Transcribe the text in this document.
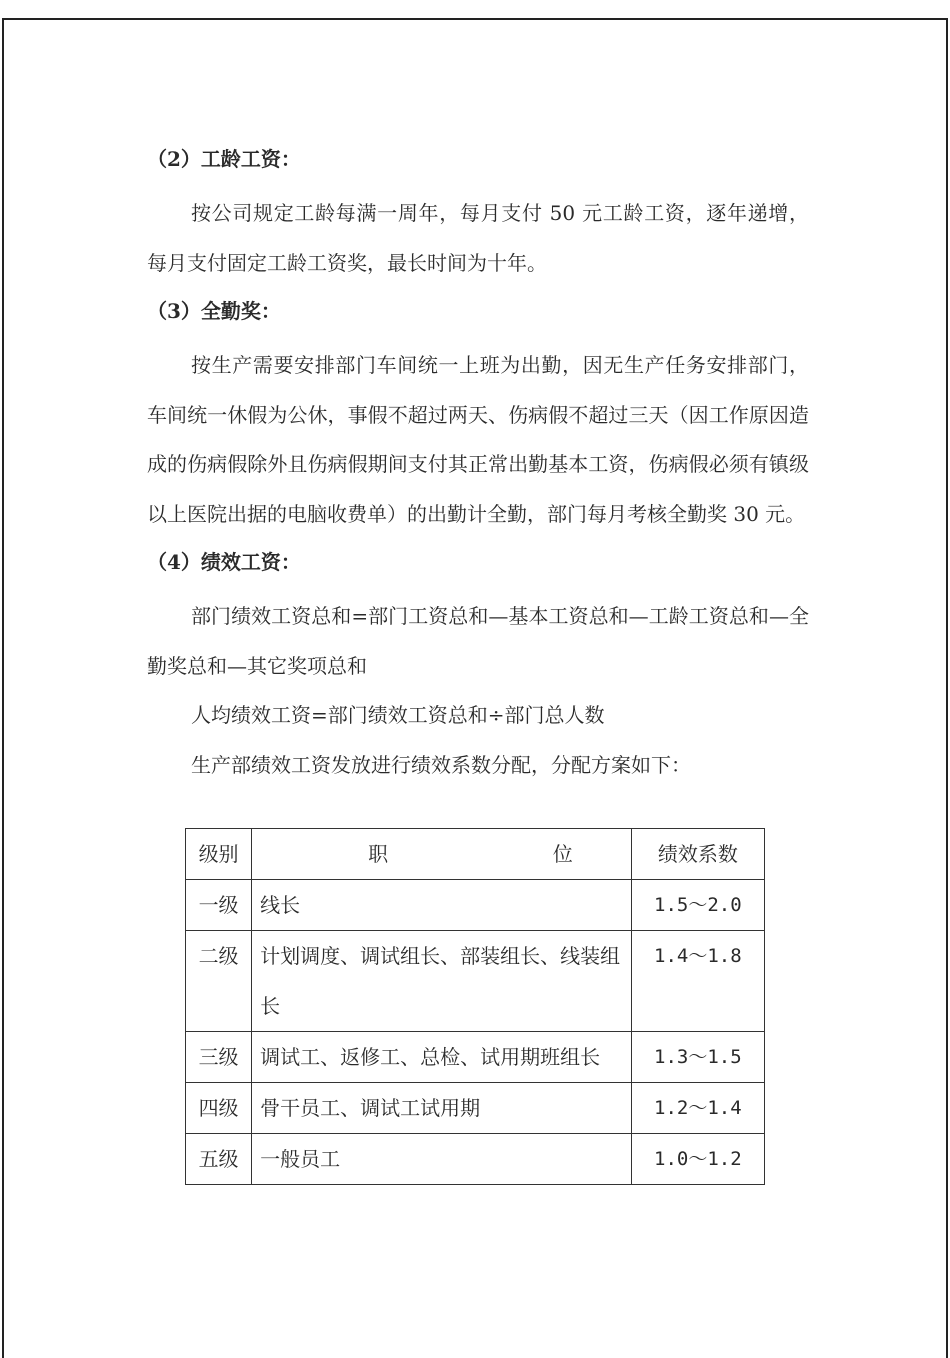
（2）工龄工资：
按公司规定工龄每满一周年，每月支付 50 元工龄工资，逐年递增，每月支付固定工龄工资奖，最长时间为十年。
（3）全勤奖：
按生产需要安排部门车间统一上班为出勤，因无生产任务安排部门，车间统一休假为公休，事假不超过两天、伤病假不超过三天（因工作原因造成的伤病假除外且伤病假期间支付其正常出勤基本工资，伤病假必须有镇级以上医院出据的电脑收费单）的出勤计全勤，部门每月考核全勤奖 30 元。
（4）绩效工资：
部门绩效工资总和=部门工资总和—基本工资总和—工龄工资总和—全勤奖总和—其它奖项总和
人均绩效工资=部门绩效工资总和÷部门总人数
生产部绩效工资发放进行绩效系数分配，分配方案如下：
级别	职 位	绩效系数
一级	线长	1.5～2.0
二级	计划调度、调试组长、部装组长、线装组长	1.4～1.8
三级	调试工、返修工、总检、试用期班组长	1.3～1.5
四级	骨干员工、调试工试用期	1.2～1.4
五级	一般员工	1.0～1.2
